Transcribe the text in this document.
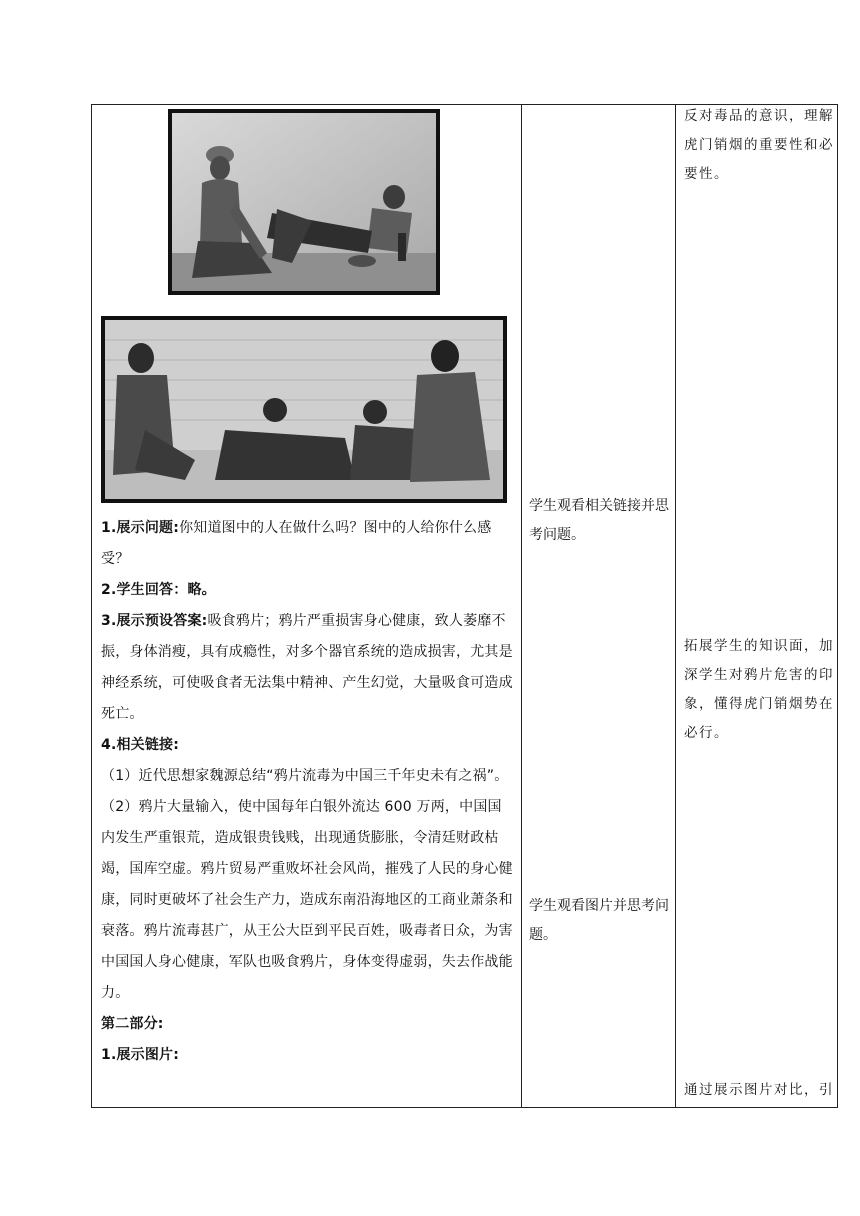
1.展示问题:你知道图中的人在做什么吗？图中的人给你什么感受？

2.学生回答：略。

3.展示预设答案:吸食鸦片；鸦片严重损害身心健康，致人萎靡不振，身体消瘦，具有成瘾性，对多个器官系统的造成损害，尤其是神经系统，可使吸食者无法集中精神、产生幻觉，大量吸食可造成死亡。

4.相关链接:

（1）近代思想家魏源总结“鸦片流毒为中国三千年史未有之祸”。

（2）鸦片大量输入，使中国每年白银外流达 600 万两，中国国内发生严重银荒，造成银贵钱贱，出现通货膨胀，令清廷财政枯竭，国库空虚。鸦片贸易严重败坏社会风尚，摧残了人民的身心健康，同时更破坏了社会生产力，造成东南沿海地区的工商业萧条和衰落。鸦片流毒甚广，从王公大臣到平民百姓，吸毒者日众，为害中国国人身心健康，军队也吸食鸦片，身体变得虚弱，失去作战能力。

第二部分:

1.展示图片:

学生观看相关链接并思考问题。
学生观看图片并思考问题。
反对毒品的意识，理解虎门销烟的重要性和必要性。
拓展学生的知识面，加深学生对鸦片危害的印象，懂得虎门销烟势在必行。
通过展示图片对比，引
